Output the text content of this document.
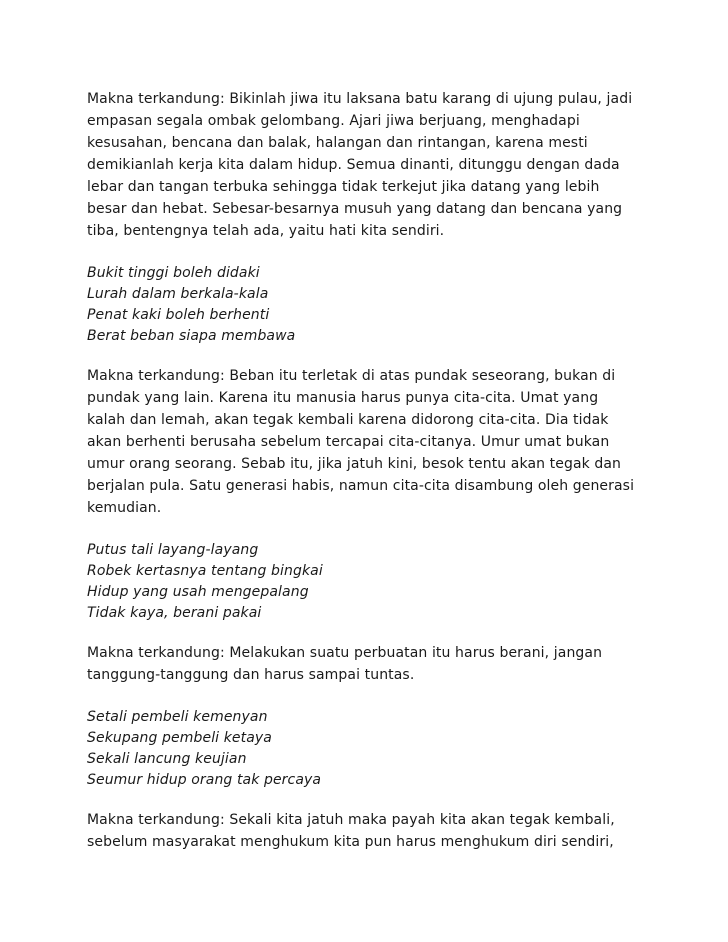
Makna terkandung: Bikinlah jiwa itu laksana batu karang di ujung pulau, jadi
empasan segala ombak gelombang. Ajari jiwa berjuang, menghadapi
kesusahan, bencana dan balak, halangan dan rintangan, karena mesti
demikianlah kerja kita dalam hidup. Semua dinanti, ditunggu dengan dada
lebar dan tangan terbuka sehingga tidak terkejut jika datang yang lebih
besar dan hebat. Sebesar-besarnya musuh yang datang dan bencana yang
tiba, bentengnya telah ada, yaitu hati kita sendiri.
Bukit tinggi boleh didaki
Lurah dalam berkala-kala
Penat kaki boleh berhenti
Berat beban siapa membawa
Makna terkandung: Beban itu terletak di atas pundak seseorang, bukan di
pundak yang lain. Karena itu manusia harus punya cita-cita. Umat yang
kalah dan lemah, akan tegak kembali karena didorong cita-cita. Dia tidak
akan berhenti berusaha sebelum tercapai cita-citanya. Umur umat bukan
umur orang seorang. Sebab itu, jika jatuh kini, besok tentu akan tegak dan
berjalan pula. Satu generasi habis, namun cita-cita disambung oleh generasi
kemudian.
Putus tali layang-layang
Robek kertasnya tentang bingkai
Hidup yang usah mengepalang
Tidak kaya, berani pakai
Makna terkandung: Melakukan suatu perbuatan itu harus berani, jangan
tanggung-tanggung dan harus sampai tuntas.
Setali pembeli kemenyan
Sekupang pembeli ketaya
Sekali lancung keujian
Seumur hidup orang tak percaya
Makna terkandung: Sekali kita jatuh maka payah kita akan tegak kembali,
sebelum masyarakat menghukum kita pun harus menghukum diri sendiri,
